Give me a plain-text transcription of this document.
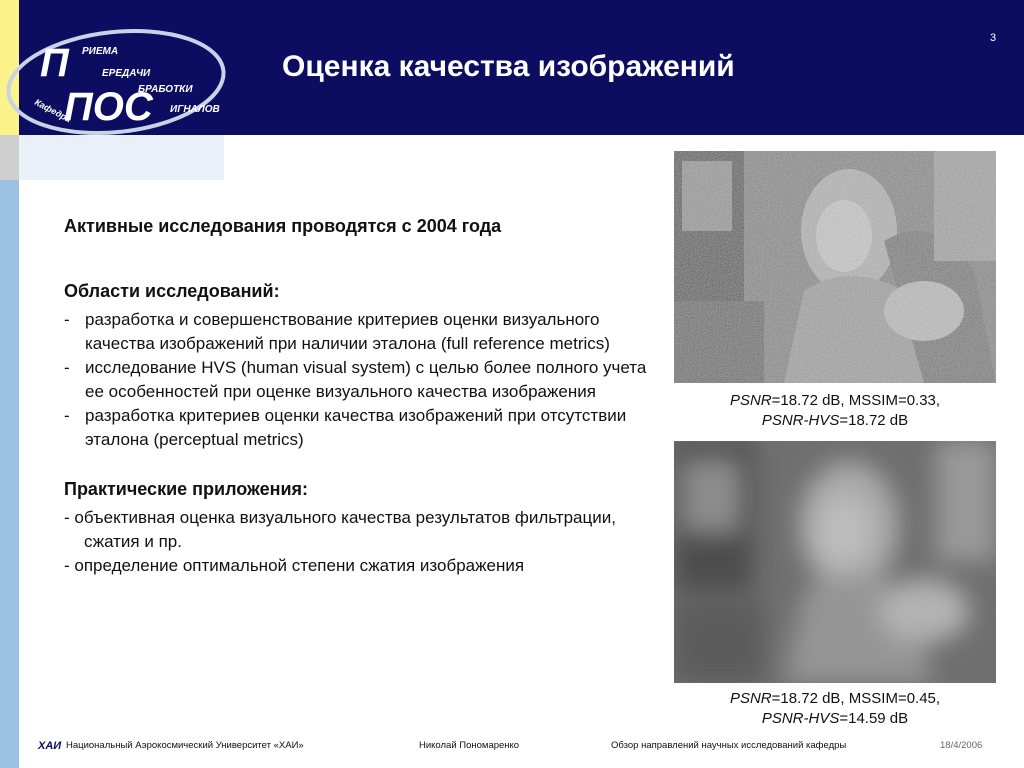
П
ПОС
РИЕМА
ЕРЕДАЧИ
БРАБОТКИ
ИГНАЛОВ
Кафедра
3
Оценка качества изображений
Активные исследования проводятся с 2004 года
Области исследований:
- разработка и совершенствование критериев оценки визуального качества изображений при наличии эталона (full reference metrics)
- исследование HVS (human visual system) с целью более полного учета ее особенностей при оценке визуального качества изображения
- разработка критериев оценки качества изображений при отсутствии эталона (perceptual metrics)
Практические приложения:
- объективная оценка визуального качества результатов фильтрации, сжатия и пр.
- определение оптимальной степени сжатия изображения
PSNR=18.72 dB, MSSIM=0.33,
PSNR-HVS=18.72 dB
PSNR=18.72 dB, MSSIM=0.45,
PSNR-HVS=14.59 dB
ХАИ Национальный Аэрокосмический Университет «ХАИ»	Николай Пономаренко	Обзор направлений научных исследований кафедры	18/4/2006
